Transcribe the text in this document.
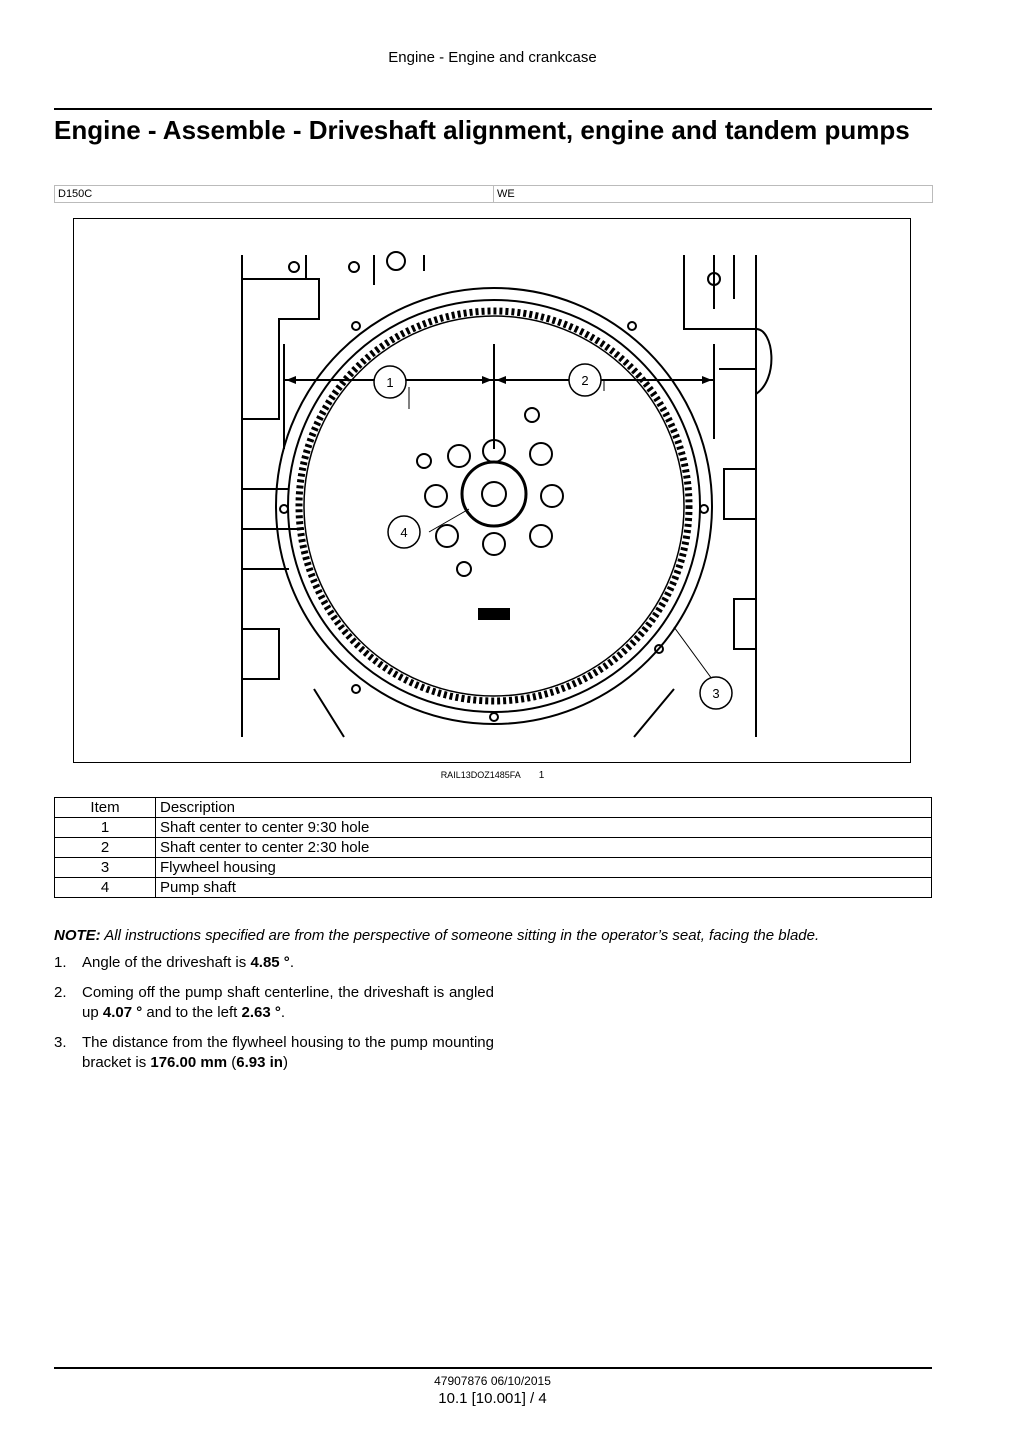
Engine - Engine and crankcase
Engine - Assemble - Driveshaft alignment, engine and tandem pumps
D150C	WE
1	2
3
4
RAIL13DOZ1485FA 1
Item	Description
1	Shaft center to center 9:30 hole
2	Shaft center to center 2:30 hole
3	Flywheel housing
4	Pump shaft
NOTE: All instructions specified are from the perspective of someone sitting in the operator’s seat, facing the blade.
1.	Angle of the driveshaft is 4.85 °.
2.	Coming off the pump shaft centerline, the driveshaft is angled up 4.07 ° and to the left 2.63 °.
3.	The distance from the flywheel housing to the pump mounting bracket is 176.00 mm (6.93 in)
47907876 06/10/2015
10.1 [10.001] / 4
